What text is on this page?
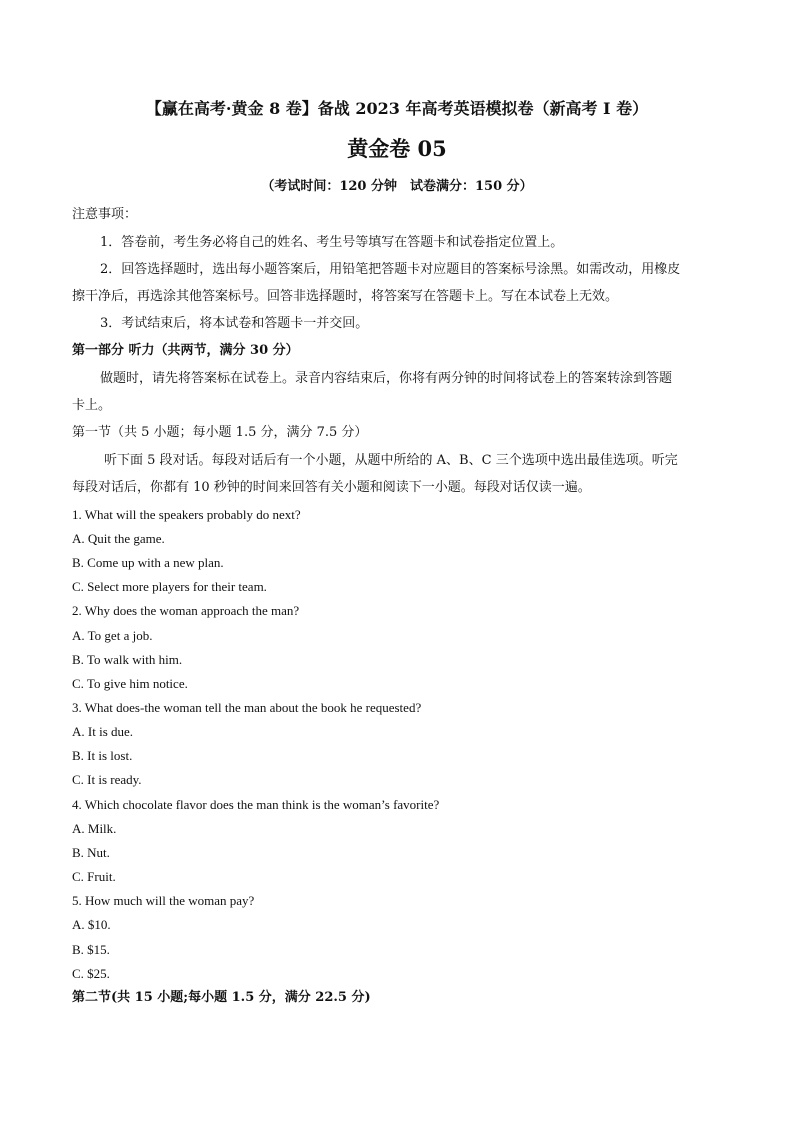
【赢在高考·黄金 8 卷】备战 2023 年高考英语模拟卷（新高考 I 卷）
黄金卷 05
（考试时间：120 分钟　试卷满分：150 分）
注意事项：
1．答卷前，考生务必将自己的姓名、考生号等填写在答题卡和试卷指定位置上。
2．回答选择题时，选出每小题答案后，用铅笔把答题卡对应题目的答案标号涂黑。如需改动，用橡皮
擦干净后，再选涂其他答案标号。回答非选择题时，将答案写在答题卡上。写在本试卷上无效。
3．考试结束后，将本试卷和答题卡一并交回。
第一部分 听力（共两节，满分 30 分）
做题时，请先将答案标在试卷上。录音内容结束后，你将有两分钟的时间将试卷上的答案转涂到答题
卡上。
第一节（共 5 小题；每小题 1.5 分，满分 7.5 分）
听下面 5 段对话。每段对话后有一个小题，从题中所给的 A、B、C 三个选项中选出最佳选项。听完
每段对话后，你都有 10 秒钟的时间来回答有关小题和阅读下一小题。每段对话仅读一遍。
1. What will the speakers probably do next?
A. Quit the game.
B. Come up with a new plan.
C. Select more players for their team.
2. Why does the woman approach the man?
A. To get a job.
B. To walk with him.
C. To give him notice.
3. What does-the woman tell the man about the book he requested?
A. It is due.
B. It is lost.
C. It is ready.
4. Which chocolate flavor does the man think is the woman’s favorite?
A. Milk.
B. Nut.
C. Fruit.
5. How much will the woman pay?
A. $10.
B. $15.
C. $25.
第二节(共 15 小题;每小题 1.5 分，满分 22.5 分)
